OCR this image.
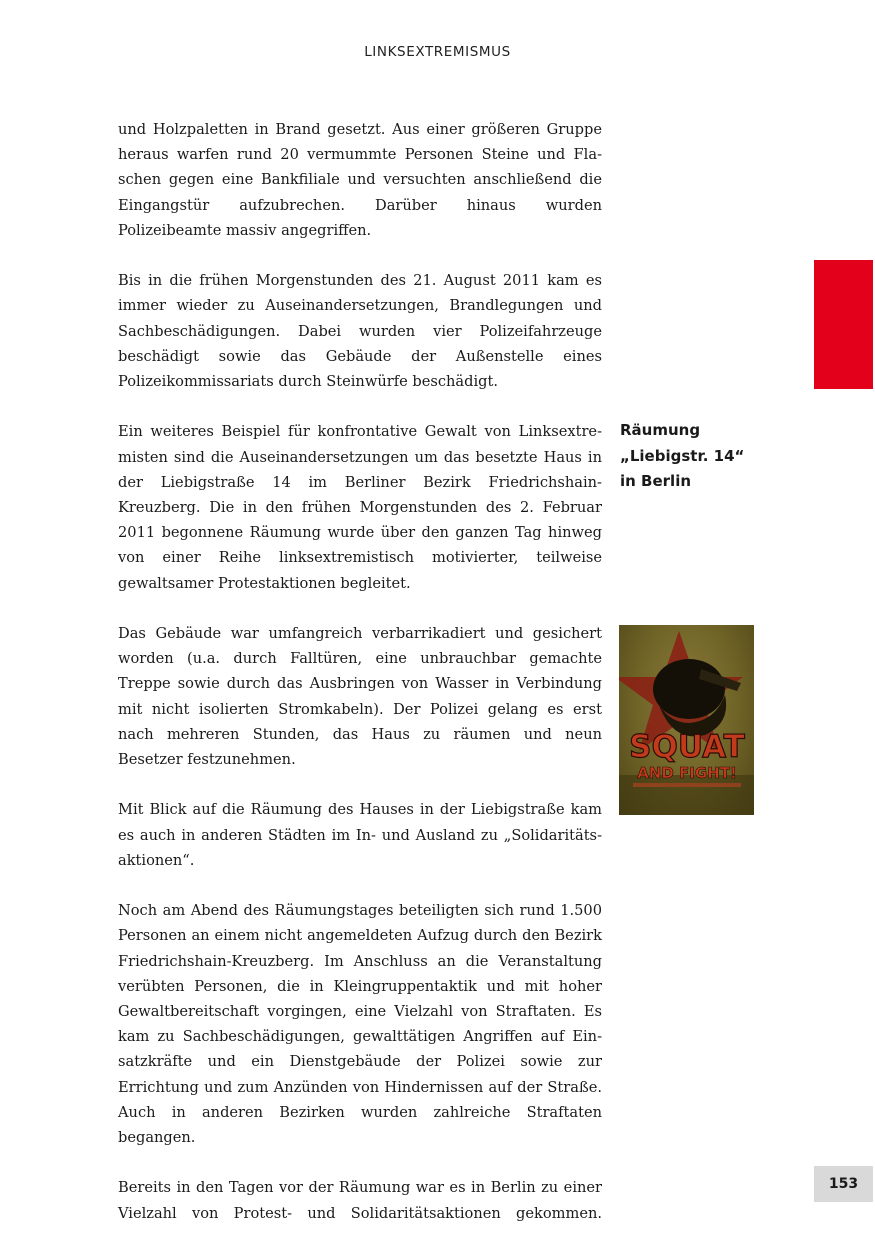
LINKSEXTREMISMUS

und Holzpaletten in Brand gesetzt. Aus einer größeren Gruppe heraus warfen rund 20 vermummte Personen Steine und Flaschen gegen eine Bankfiliale und versuchten anschließend die Eingangstür aufzubrechen. Darüber hinaus wurden Polizeibeamte massiv angegriffen.

Bis in die frühen Morgenstunden des 21. August 2011 kam es immer wieder zu Auseinandersetzungen, Brandlegungen und Sachbeschädigungen. Dabei wurden vier Polizeifahrzeuge beschädigt sowie das Gebäude der Außenstelle eines Polizeikommissariats durch Steinwürfe beschädigt.

Ein weiteres Beispiel für konfrontative Gewalt von Linksextremisten sind die Auseinandersetzungen um das besetzte Haus in der Liebigstraße 14 im Berliner Bezirk Friedrichshain-Kreuzberg. Die in den frühen Morgenstunden des 2. Februar 2011 begonnene Räumung wurde über den ganzen Tag hinweg von einer Reihe linksextremistisch motivierter, teilweise gewaltsamer Protestaktionen begleitet.

Das Gebäude war umfangreich verbarrikadiert und gesichert worden (u.a. durch Falltüren, eine unbrauchbar gemachte Treppe sowie durch das Ausbringen von Wasser in Verbindung mit nicht isolierten Stromkabeln). Der Polizei gelang es erst nach mehreren Stunden, das Haus zu räumen und neun Besetzer festzunehmen.

Mit Blick auf die Räumung des Hauses in der Liebigstraße kam es auch in anderen Städten im In- und Ausland zu „Solidaritätsaktionen“.

Noch am Abend des Räumungstages beteiligten sich rund 1.500 Personen an einem nicht angemeldeten Aufzug durch den Bezirk Friedrichshain-Kreuzberg. Im Anschluss an die Veranstaltung verübten Personen, die in Kleingruppentaktik und mit hoher Gewaltbereitschaft vorgingen, eine Vielzahl von Straftaten. Es kam zu Sachbeschädigungen, gewalttätigen Angriffen auf Einsatzkräfte und ein Dienstgebäude der Polizei sowie zur Errichtung und zum Anzünden von Hindernissen auf der Straße. Auch in anderen Bezirken wurden zahlreiche Straftaten begangen.

Bereits in den Tagen vor der Räumung war es in Berlin zu einer Vielzahl von Protest- und Solidaritätsaktionen gekommen.

Räumung
„Liebigstr. 14“
in Berlin
SQUAT
AND FIGHT!
153
